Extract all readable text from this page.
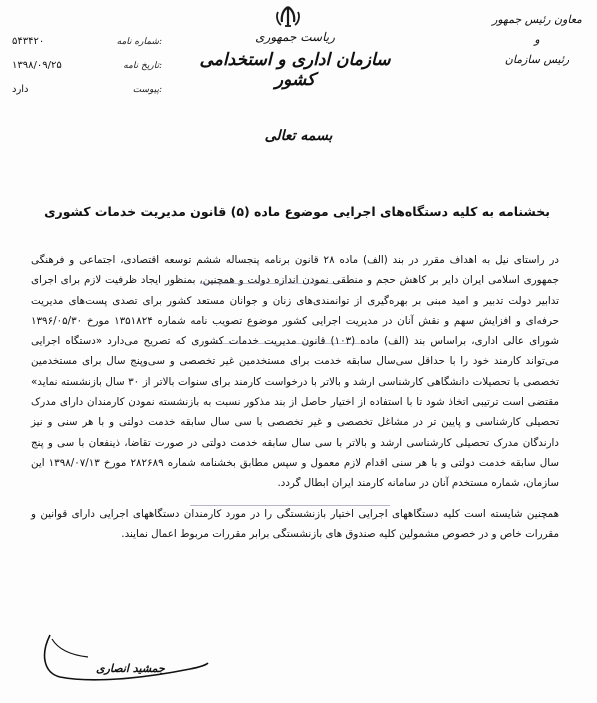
معاون رئیس جمهور
و
رئیس سازمان
ریاست جمهوری
سازمان اداری و استخدامی کشور
شماره نامه:
۵۴۳۴۲۰
تاریخ نامه:
۱۳۹۸/۰۹/۲۵
پیوست:
دارد
بسمه تعالی
بخشنامه به کلیه دستگاه‌های اجرایی موضوع ماده (۵) قانون مدیریت خدمات کشوری

در راستای نیل به اهداف مقرر در بند (الف) ماده ۲۸ قانون برنامه پنجساله ششم توسعه اقتصادی، اجتماعی و فرهنگی جمهوری اسلامی ایران دایر بر کاهش حجم و منطقی نمودن اندازه دولت و همچنین، بمنظور ایجاد ظرفیت لازم برای اجرای تدابیر دولت تدبیر و امید مبنی بر بهره‌گیری از توانمندی‌های زنان و جوانان مستعد کشور برای تصدی پست‌های مدیریت حرفه‌ای و افزایش سهم و نقش آنان در مدیریت اجرایی کشور موضوع تصویب نامه شماره ۱۳۵۱۸۲۴ مورخ ۱۳۹۶/۰۵/۳۰ شورای عالی اداری، براساس بند (الف) ماده (۱۰۳) قانون مدیریت خدمات کشوری که تصریح می‌دارد «دستگاه اجرایی می‌تواند کارمند خود را با حداقل سی‌سال سابقه خدمت برای مستخدمین غیر تخصصی و سی‌وپنج سال برای مستخدمین تخصصی با تحصیلات دانشگاهی کارشناسی ارشد و بالاتر با درخواست کارمند برای سنوات بالاتر از ۳۰ سال بازنشسته نماید» مقتضی است ترتیبی اتخاذ شود تا با استفاده از اختیار حاصل از بند مذکور نسبت به بازنشسته نمودن کارمندان دارای مدرک تحصیلی کارشناسی و پایین تر در مشاغل تخصصی و غیر تخصصی با سی سال سابقه خدمت دولتی و با هر سنی و نیز دارندگان مدرک تحصیلی کارشناسی ارشد و بالاتر با سی سال سابقه خدمت دولتی در صورت تقاضا، ذینفعان با سی و پنج سال سابقه خدمت دولتی و با هر سنی اقدام لازم معمول و سپس مطابق بخشنامه شماره ۲۸۲۶۸۹ مورخ ۱۳۹۸/۰۷/۱۳ این سازمان، شماره مستخدم آنان در سامانه کارمند ایران ابطال گردد.

همچنین شایسته است کلیه دستگاههای اجرایی اختیار بازنشستگی را در مورد کارمندان دستگاههای اجرایی دارای قوانین و مقررات خاص و در خصوص مشمولین کلیه صندوق های بازنشستگی برابر مقررات مربوط اعمال نمایند.

جمشید انصاری
